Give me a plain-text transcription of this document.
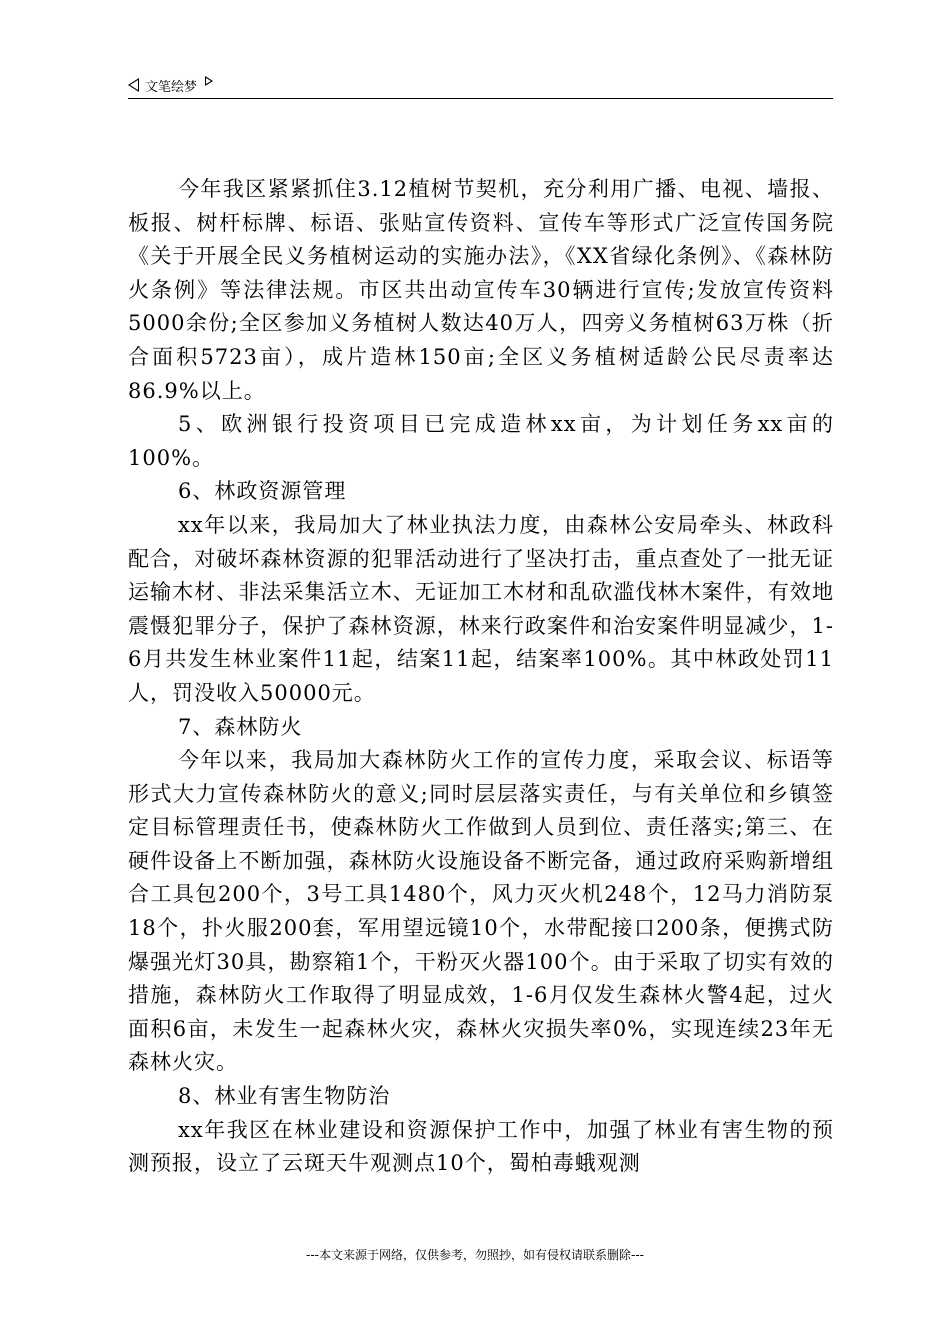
文笔绘梦

今年我区紧紧抓住3.12植树节契机，充分利用广播、电视、墙报、板报、树杆标牌、标语、张贴宣传资料、宣传车等形式广泛宣传国务院《关于开展全民义务植树运动的实施办法》，《XX省绿化条例》、《森林防火条例》等法律法规。市区共出动宣传车30辆进行宣传;发放宣传资料5000余份;全区参加义务植树人数达40万人，四旁义务植树63万株（折合面积5723亩），成片造林150亩;全区义务植树适龄公民尽责率达86.9%以上。

5、欧洲银行投资项目已完成造林xx亩，为计划任务xx亩的100%。

6、林政资源管理

xx年以来，我局加大了林业执法力度，由森林公安局牵头、林政科配合，对破坏森林资源的犯罪活动进行了坚决打击，重点查处了一批无证运输木材、非法采集活立木、无证加工木材和乱砍滥伐林木案件，有效地震慑犯罪分子，保护了森林资源，林来行政案件和治安案件明显减少，1-6月共发生林业案件11起，结案11起，结案率100%。其中林政处罚11人，罚没收入50000元。

7、森林防火

今年以来，我局加大森林防火工作的宣传力度，采取会议、标语等形式大力宣传森林防火的意义;同时层层落实责任，与有关单位和乡镇签定目标管理责任书，使森林防火工作做到人员到位、责任落实;第三、在硬件设备上不断加强，森林防火设施设备不断完备，通过政府采购新增组合工具包200个，3号工具1480个，风力灭火机248个，12马力消防泵18个，扑火服200套，军用望远镜10个，水带配接口200条，便携式防爆强光灯30具，勘察箱1个，干粉灭火器100个。由于采取了切实有效的措施，森林防火工作取得了明显成效，1-6月仅发生森林火警4起，过火面积6亩，未发生一起森林火灾，森林火灾损失率0%，实现连续23年无森林火灾。

8、林业有害生物防治

xx年我区在林业建设和资源保护工作中，加强了林业有害生物的预测预报，设立了云斑天牛观测点10个，蜀柏毒蛾观测

---本文来源于网络，仅供参考，勿照抄，如有侵权请联系删除---
